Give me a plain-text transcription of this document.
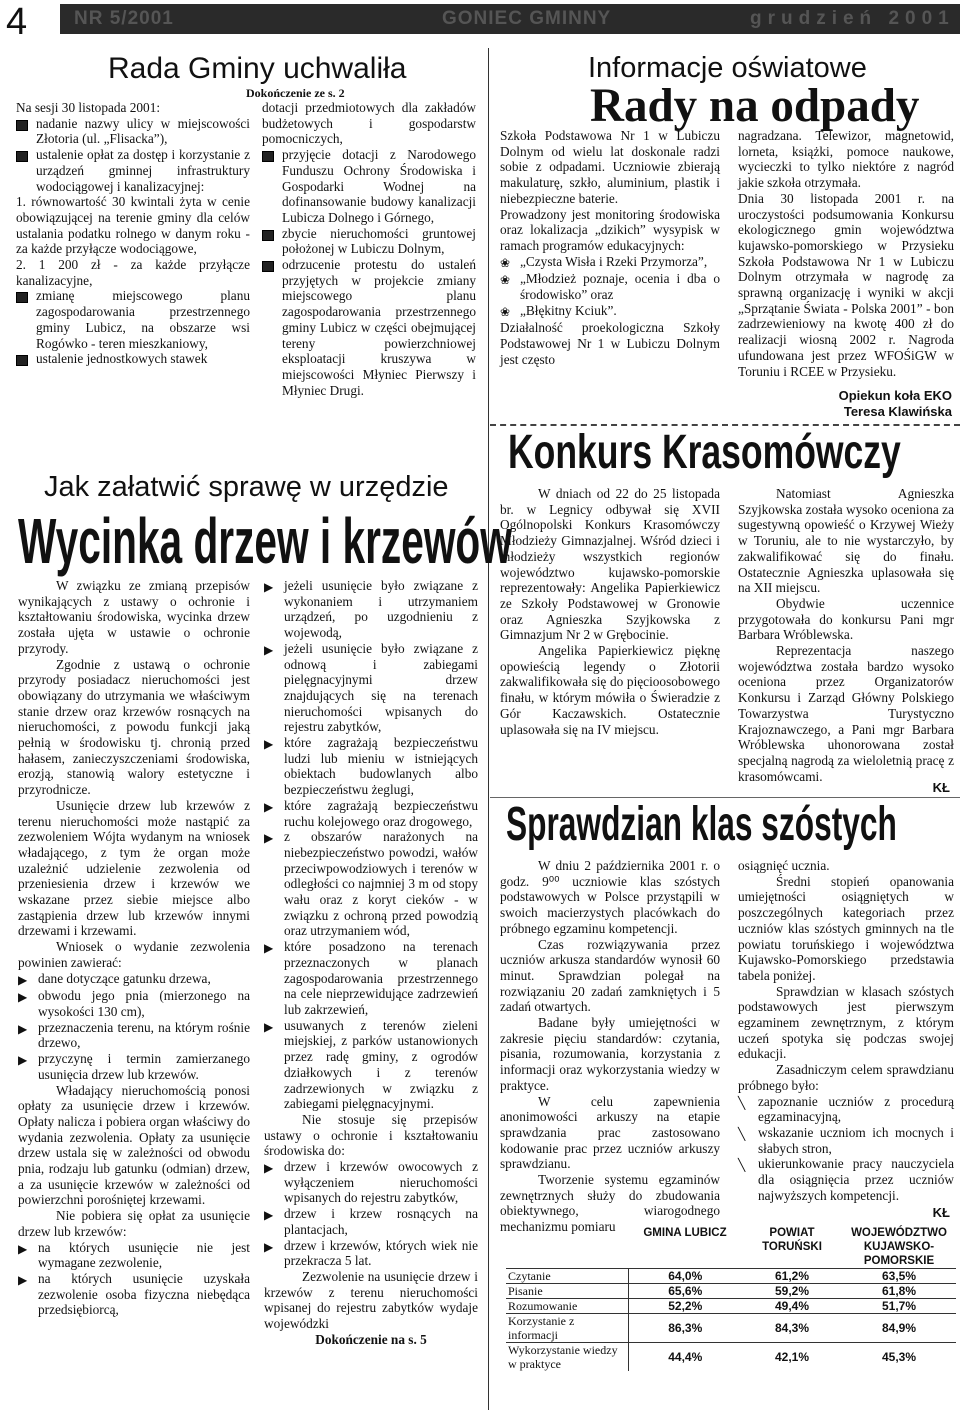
4 NR 5/2001	GONIEC GMINNY	grudzień 2001
Rada Gminy uchwaliła
Dokończenie ze s. 2

Na sesji 30 listopada 2001:

nadanie nazwy ulicy w miejscowości Złotoria (ul. „Flisacka”),
ustalenie opłat za dostęp i korzystanie z urządzeń gminnej infrastruktury wodociągowej i kanalizacyjnej:

1. równowartość 30 kwintali żyta w cenie obowiązującej na terenie gminy dla celów ustalania podatku rolnego w danym roku - za każde przyłącze wodociągowe,

2. 1 200 zł - za każde przyłącze kanalizacyjne,

zmianę miejscowego planu zagospodarowania przestrzennego gminy Lubicz, na obszarze wsi Rogówko - teren mieszkaniowy,
ustalenie jednostkowych stawek

dotacji przedmiotowych dla zakładów budżetowych i gospodarstw pomocniczych,

przyjęcie dotacji z Narodowego Funduszu Ochrony Środowiska i Gospodarki Wodnej na dofinansowanie budowy kanalizacji Lubicza Dolnego i Górnego,
zbycie nieruchomości gruntowej położonej w Lubiczu Dolnym,
odrzucenie protestu do ustaleń przyjętych w projekcie zmiany miejscowego planu zagospodarowania przestrzennego gminy Lubicz w części obejmującej tereny powierzchniowej eksploatacji kruszywa w miejscowości Młyniec Pierwszy i Młyniec Drugi.
Informacje oświatowe
Rady na odpady

Szkoła Podstawowa Nr 1 w Lubiczu Dolnym od wielu lat doskonale radzi sobie z odpadami. Uczniowie zbierają makulaturę, szkło, aluminium, plastik i niebezpieczne baterie.

Prowadzony jest monitoring środowiska oraz lokalizacja „dzikich” wysypisk w ramach programów edukacyjnych:

❀ „Czysta Wisła i Rzeki Przymorza”,
❀ „Młodzież poznaje, ocenia i dba o środowisko” oraz
❀ „Błękitny Kciuk”.

Działalność proekologiczna Szkoły Podstawowej Nr 1 w Lubiczu Dolnym jest często

nagradzana. Telewizor, magnetowid, lorneta, książki, pomoce naukowe, wycieczki to tylko niektóre z nagród jakie szkoła otrzymała.

Dnia 30 listopada 2001 r. na uroczystości podsumowania Konkursu ekologicznego gmin województwa kujawsko-pomorskiego w Przysieku Szkoła Podstawowa Nr 1 w Lubiczu Dolnym otrzymała w nagrodę za sprawną organizację i wyniki w akcji „Sprzątanie Świata - Polska 2001” - bon zadrzewieniowy na kwotę 400 zł do realizacji wiosną 2002 r. Nagroda ufundowana jest przez WFOŚiGW w Toruniu i RCEE w Przysieku.

Opiekun koła EKO
Teresa Klawińska
Konkurs Krasomówczy

W dniach od 22 do 25 listopada br. w Legnicy odbywał się XVII Ogólnopolski Konkurs Krasomówczy Młodzieży Gimnazjalnej. Wśród dzieci i młodzieży wszystkich regionów województwo kujawsko-pomorskie reprezentowały: Angelika Papierkiewicz ze Szkoły Podstawowej w Gronowie oraz Agnieszka Szyjkowska z Gimnazjum Nr 2 w Grębocinie.

Angelika Papierkiewicz pięknę opowieścią legendy o Złotorii zakwalifikowała się do pięcioosobowego finału, w którym mówiła o Świeradzie z Gór Kaczawskich. Ostatecznie uplasowała się na IV miejscu.

Natomiast Agnieszka Szyjkowska została wysoko oceniona za sugestywną opowieść o Krzywej Wieży w Toruniu, ale to nie wystarczyło, by zakwalifikować się do finału. Ostatecznie Agnieszka uplasowała się na XII miejscu.

Obydwie uczennice przygotowała do konkursu Pani mgr Barbara Wróblewska.

Reprezentacja naszego województwa została bardzo wysoko oceniona przez Organizatorów Konkursu i Zarząd Główny Polskiego Towarzystwa Turystyczno Krajoznawczego, a Pani mgr Barbara Wróblewska uhonorowana został specjalną nagrodą za wieloletnią pracę z krasomówcami.

KŁ
Sprawdzian klas szóstych

W dniu 2 października 2001 r. o godz. 9⁰⁰ uczniowie klas szóstych podstawowych w Polsce przystąpili w swoich macierzystych placówkach do próbnego egzaminu kompetencji.

Czas rozwiązywania przez uczniów arkusza standardów wynosił 60 minut. Sprawdzian polegał na rozwiązaniu 20 zadań zamkniętych i 5 zadań otwartych.

Badane były umiejętności w zakresie pięciu standardów: czytania, pisania, rozumowania, korzystania z informacji oraz wykorzystania wiedzy w praktyce.

W celu zapewnienia anonimowości arkuszy na etapie sprawdzania prac zastosowano kodowanie prac przez uczniów arkuszy sprawdzianu.

Tworzenie systemu egzaminów zewnętrznych służy do zbudowania obiektywnego, wiarogodnego mechanizmu pomiaru

osiągnięć ucznia.

Średni stopień opanowania umiejętności osiągniętych w poszczególnych kategoriach przez uczniów klas szóstych gminnych na tle powiatu toruńskiego i województwa Kujawsko-Pomorskiego przedstawia tabela poniżej.

Sprawdzian w klasach szóstych podstawowych jest pierwszym egzaminem zewnętrznym, z którym uczeń spotyka się podczas swojej edukacji.

Zasadniczym celem sprawdzianu próbnego było:

╲ zapoznanie uczniów z procedurą egzaminacyjną,
╲ wskazanie uczniom ich mocnych i słabych stron,
╲ ukierunkowanie pracy nauczyciela dla osiągnięcia przez uczniów najwyższych kompetencji.
KŁ
	GMINA LUBICZ	POWIAT TORUŃSKI	WOJEWÓDZTWO KUJAWSKO-POMORSKIE
Czytanie	64,0%	61,2%	63,5%
Pisanie	65,6%	59,2%	61,8%
Rozumowanie	52,2%	49,4%	51,7%
Korzystanie z informacji	86,3%	84,3%	84,9%
Wykorzystanie wiedzy w praktyce	44,4%	42,1%	45,3%
Jak załatwić sprawę w urzędzie
Wycinka drzew i krzewów

W związku ze zmianą przepisów wynikających z ustawy o ochronie i kształtowaniu środowiska, wycinka drzew została ujęta w ustawie o ochronie przyrody.

Zgodnie z ustawą o ochronie przyrody posiadacz nieruchomości jest obowiązany do utrzymania we właściwym stanie drzew oraz krzewów rosnących na nieruchomości, z powodu funkcji jaką pełnią w środowisku tj. chronią przed hałasem, zanieczyszczeniami środowiska, erozją, stanowią walory estetyczne i przyrodnicze.

Usunięcie drzew lub krzewów z terenu nieruchomości może nastąpić za zezwoleniem Wójta wydanym na wniosek władającego, z tym że organ może uzależnić udzielenie zezwolenia od przeniesienia drzew i krzewów we wskazane przez siebie miejsce albo zastąpienia drzew lub krzewów innymi drzewami i krzewami.

Wniosek o wydanie zezwolenia powinien zawierać:

▶ dane dotyczące gatunku drzewa,
▶ obwodu jego pnia (mierzonego na wysokości 130 cm),
▶ przeznaczenia terenu, na którym rośnie drzewo,
▶ przyczynę i termin zamierzanego usunięcia drzew lub krzewów.

Władający nieruchomością ponosi opłaty za usunięcie drzew i krzewów. Opłaty nalicza i pobiera organ właściwy do wydania zezwolenia. Opłaty za usunięcie drzew ustala się w zależności od obwodu pnia, rodzaju lub gatunku (odmian) drzew, a za usunięcie krzewów w zależności od powierzchni porośniętej krzewami.

Nie pobiera się opłat za usunięcie drzew lub krzewów:

▶ na których usunięcie nie jest wymagane zezwolenie,
▶ na których usunięcie uzyskała zezwolenie osoba fizyczna niebędąca przedsiębiorcą,
▶ jeżeli usunięcie było związane z wykonaniem i utrzymaniem urządzeń, po uzgodnieniu z wojewodą,
▶ jeżeli usunięcie było związane z odnową i zabiegami pielęgnacyjnymi drzew znajdujących się na terenach nieruchomości wpisanych do rejestru zabytków,
▶ które zagrażają bezpieczeństwu ludzi lub mieniu w istniejących obiektach budowlanych albo bezpieczeństwu żeglugi,
▶ które zagrażają bezpieczeństwu ruchu kolejowego oraz drogowego,
▶ z obszarów narażonych na niebezpieczeństwo powodzi, wałów przeciwpowodziowych i terenów w odległości co najmniej 3 m od stopy wału oraz z koryt cieków - w związku z ochroną przed powodzią oraz utrzymaniem wód,
▶ które posadzono na terenach przeznaczonych w planach zagospodarowania przestrzennego na cele nieprzewidujące zadrzewień lub zakrzewień,
▶ usuwanych z terenów zieleni miejskiej, z parków ustanowionych przez radę gminy, z ogrodów działkowych i z terenów zadrzewionych w związku z zabiegami pielęgnacyjnymi.

Nie stosuje się przepisów ustawy o ochronie i kształtowaniu środowiska do:

▶ drzew i krzewów owocowych z wyłączeniem nieruchomości wpisanych do rejestru zabytków,
▶ drzew i krzew rosnących na plantacjach,
▶ drzew i krzewów, których wiek nie przekracza 5 lat.

Zezwolenie na usunięcie drzew i krzewów z terenu nieruchomości wpisanej do rejestru zabytków wydaje wojewódzki

Dokończenie na s. 5
